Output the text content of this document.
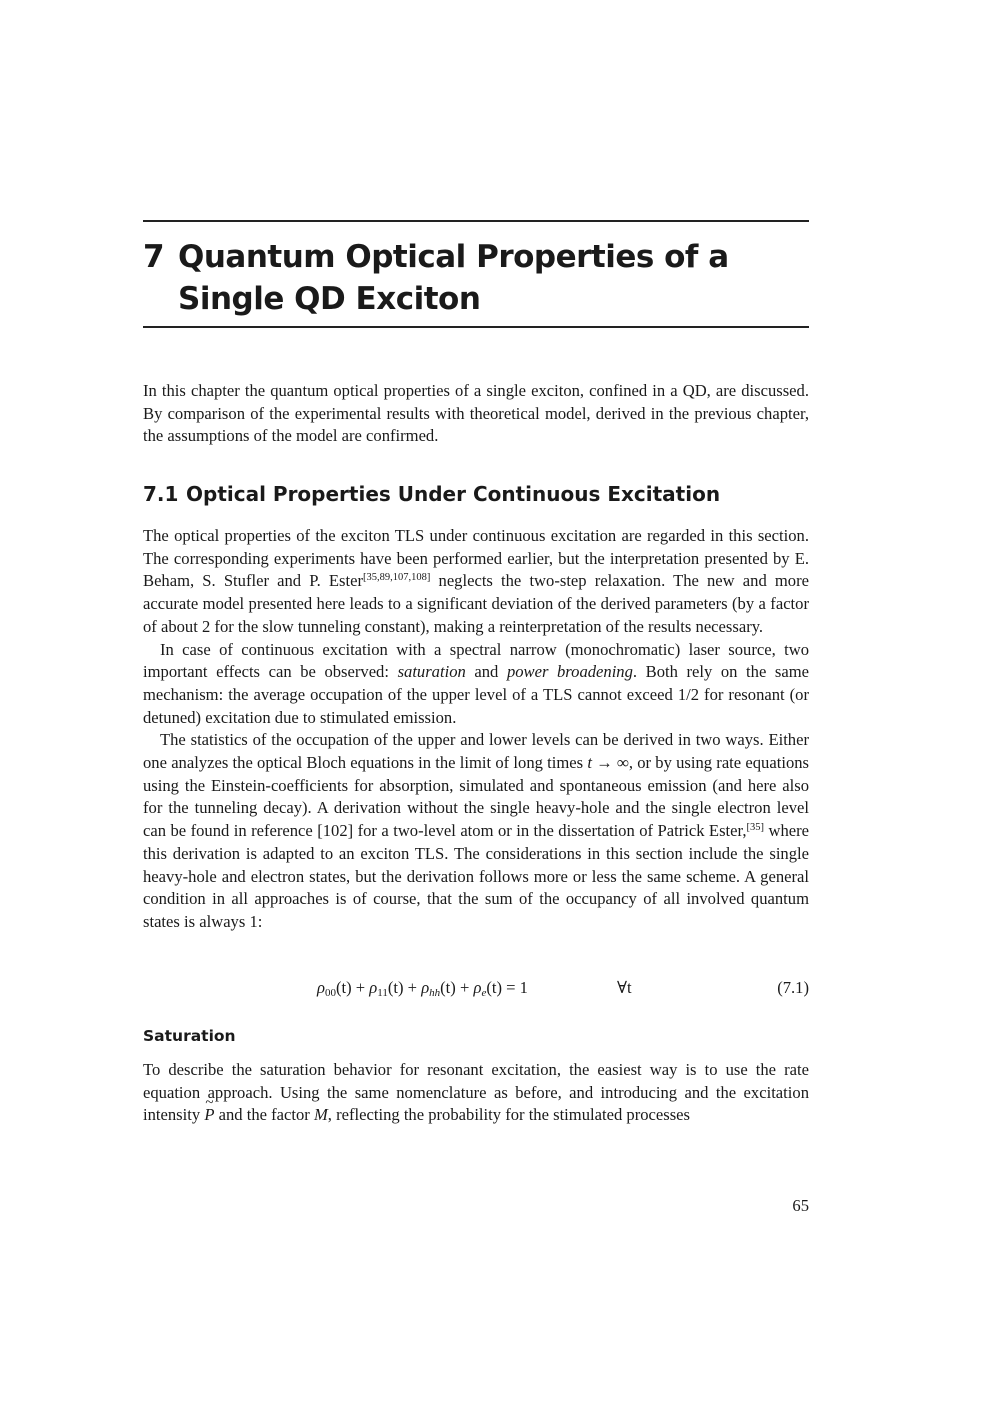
7 Quantum Optical Properties of a Single QD Exciton

In this chapter the quantum optical properties of a single exciton, confined in a QD, are discussed. By comparison of the experimental results with theoretical model, derived in the previous chapter, the assumptions of the model are confirmed.

7.1 Optical Properties Under Continuous Excitation

The optical properties of the exciton TLS under continuous excitation are regarded in this section. The corresponding experiments have been performed earlier, but the interpretation presented by E. Beham, S. Stufler and P. Ester[35,89,107,108] neglects the two-step relaxation. The new and more accurate model presented here leads to a significant deviation of the derived parameters (by a factor of about 2 for the slow tunneling constant), making a reinterpretation of the results necessary.

In case of continuous excitation with a spectral narrow (monochromatic) laser source, two important effects can be observed: saturation and power broadening. Both rely on the same mechanism: the average occupation of the upper level of a TLS cannot exceed 1/2 for resonant (or detuned) excitation due to stimulated emission.

The statistics of the occupation of the upper and lower levels can be derived in two ways. Either one analyzes the optical Bloch equations in the limit of long times t → ∞, or by using rate equations using the Einstein-coefficients for absorption, simulated and spontaneous emission (and here also for the tunneling decay). A derivation without the single heavy-hole and the single electron level can be found in reference [102] for a two-level atom or in the dissertation of Patrick Ester,[35] where this derivation is adapted to an exciton TLS. The considerations in this section include the single heavy-hole and electron states, but the derivation follows more or less the same scheme. A general condition in all approaches is of course, that the sum of the occupancy of all involved quantum states is always 1:

$\rho_{00}(t) + \rho_{11}(t) + \rho_{hh}(t) + \rho_e(t) = 1$	∀t	(7.1)
Saturation

To describe the saturation behavior for resonant excitation, the easiest way is to use the rate equation approach. Using the same nomenclature as before, and introducing and the excitation intensity ~ P and the factor M, reflecting the probability for the stimulated processes

65
